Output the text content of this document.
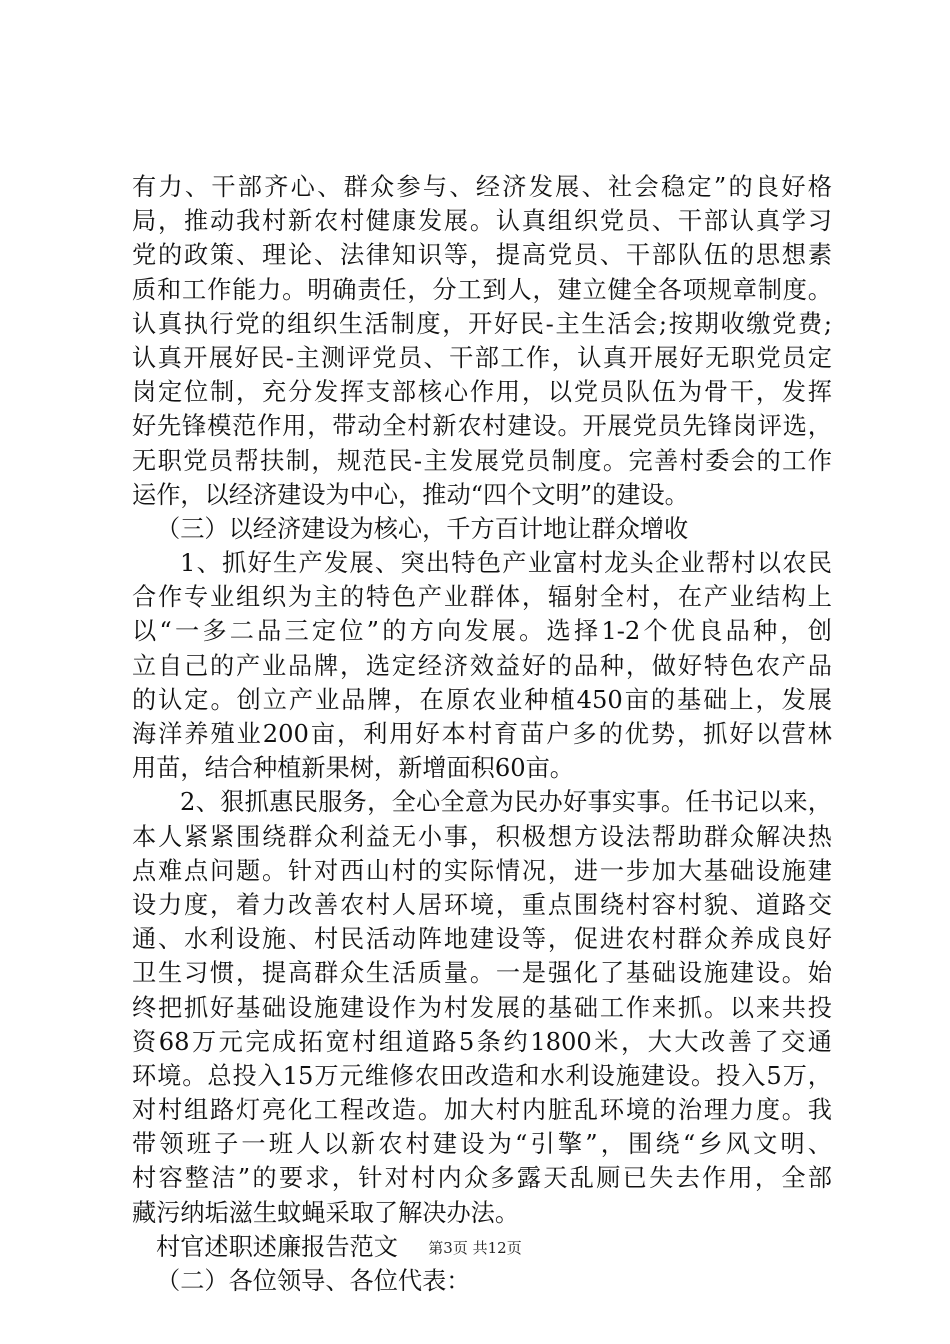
有力、干部齐心、群众参与、经济发展、社会稳定”的良好格
局，推动我村新农村健康发展。认真组织党员、干部认真学习
党的政策、理论、法律知识等，提高党员、干部队伍的思想素
质和工作能力。明确责任，分工到人，建立健全各项规章制度。
认真执行党的组织生活制度，开好民-主生活会;按期收缴党费;
认真开展好民-主测评党员、干部工作，认真开展好无职党员定
岗定位制，充分发挥支部核心作用，以党员队伍为骨干，发挥
好先锋模范作用，带动全村新农村建设。开展党员先锋岗评选，
无职党员帮扶制，规范民-主发展党员制度。完善村委会的工作
运作，以经济建设为中心，推动“四个文明”的建设。
（三）以经济建设为核心，千方百计地让群众增收
1、抓好生产发展、突出特色产业富村龙头企业帮村以农民
合作专业组织为主的特色产业群体，辐射全村，在产业结构上
以“一多二品三定位”的方向发展。选择1-2个优良品种，创
立自己的产业品牌，选定经济效益好的品种，做好特色农产品
的认定。创立产业品牌，在原农业种植450亩的基础上，发展
海洋养殖业200亩，利用好本村育苗户多的优势，抓好以营林
用苗，结合种植新果树，新增面积60亩。
2、狠抓惠民服务，全心全意为民办好事实事。任书记以来，
本人紧紧围绕群众利益无小事，积极想方设法帮助群众解决热
点难点问题。针对西山村的实际情况，进一步加大基础设施建
设力度，着力改善农村人居环境，重点围绕村容村貌、道路交
通、水利设施、村民活动阵地建设等，促进农村群众养成良好
卫生习惯，提高群众生活质量。一是强化了基础设施建设。始
终把抓好基础设施建设作为村发展的基础工作来抓。以来共投
资68万元完成拓宽村组道路5条约1800米，大大改善了交通
环境。总投入15万元维修农田改造和水利设施建设。投入5万，
对村组路灯亮化工程改造。加大村内脏乱环境的治理力度。我
带领班子一班人以新农村建设为“引擎”，围绕“乡风文明、
村容整洁”的要求，针对村内众多露天乱厕已失去作用，全部
藏污纳垢滋生蚊蝇采取了解决办法。
村官述职述廉报告范文
（二）各位领导、各位代表：
第3页 共12页
